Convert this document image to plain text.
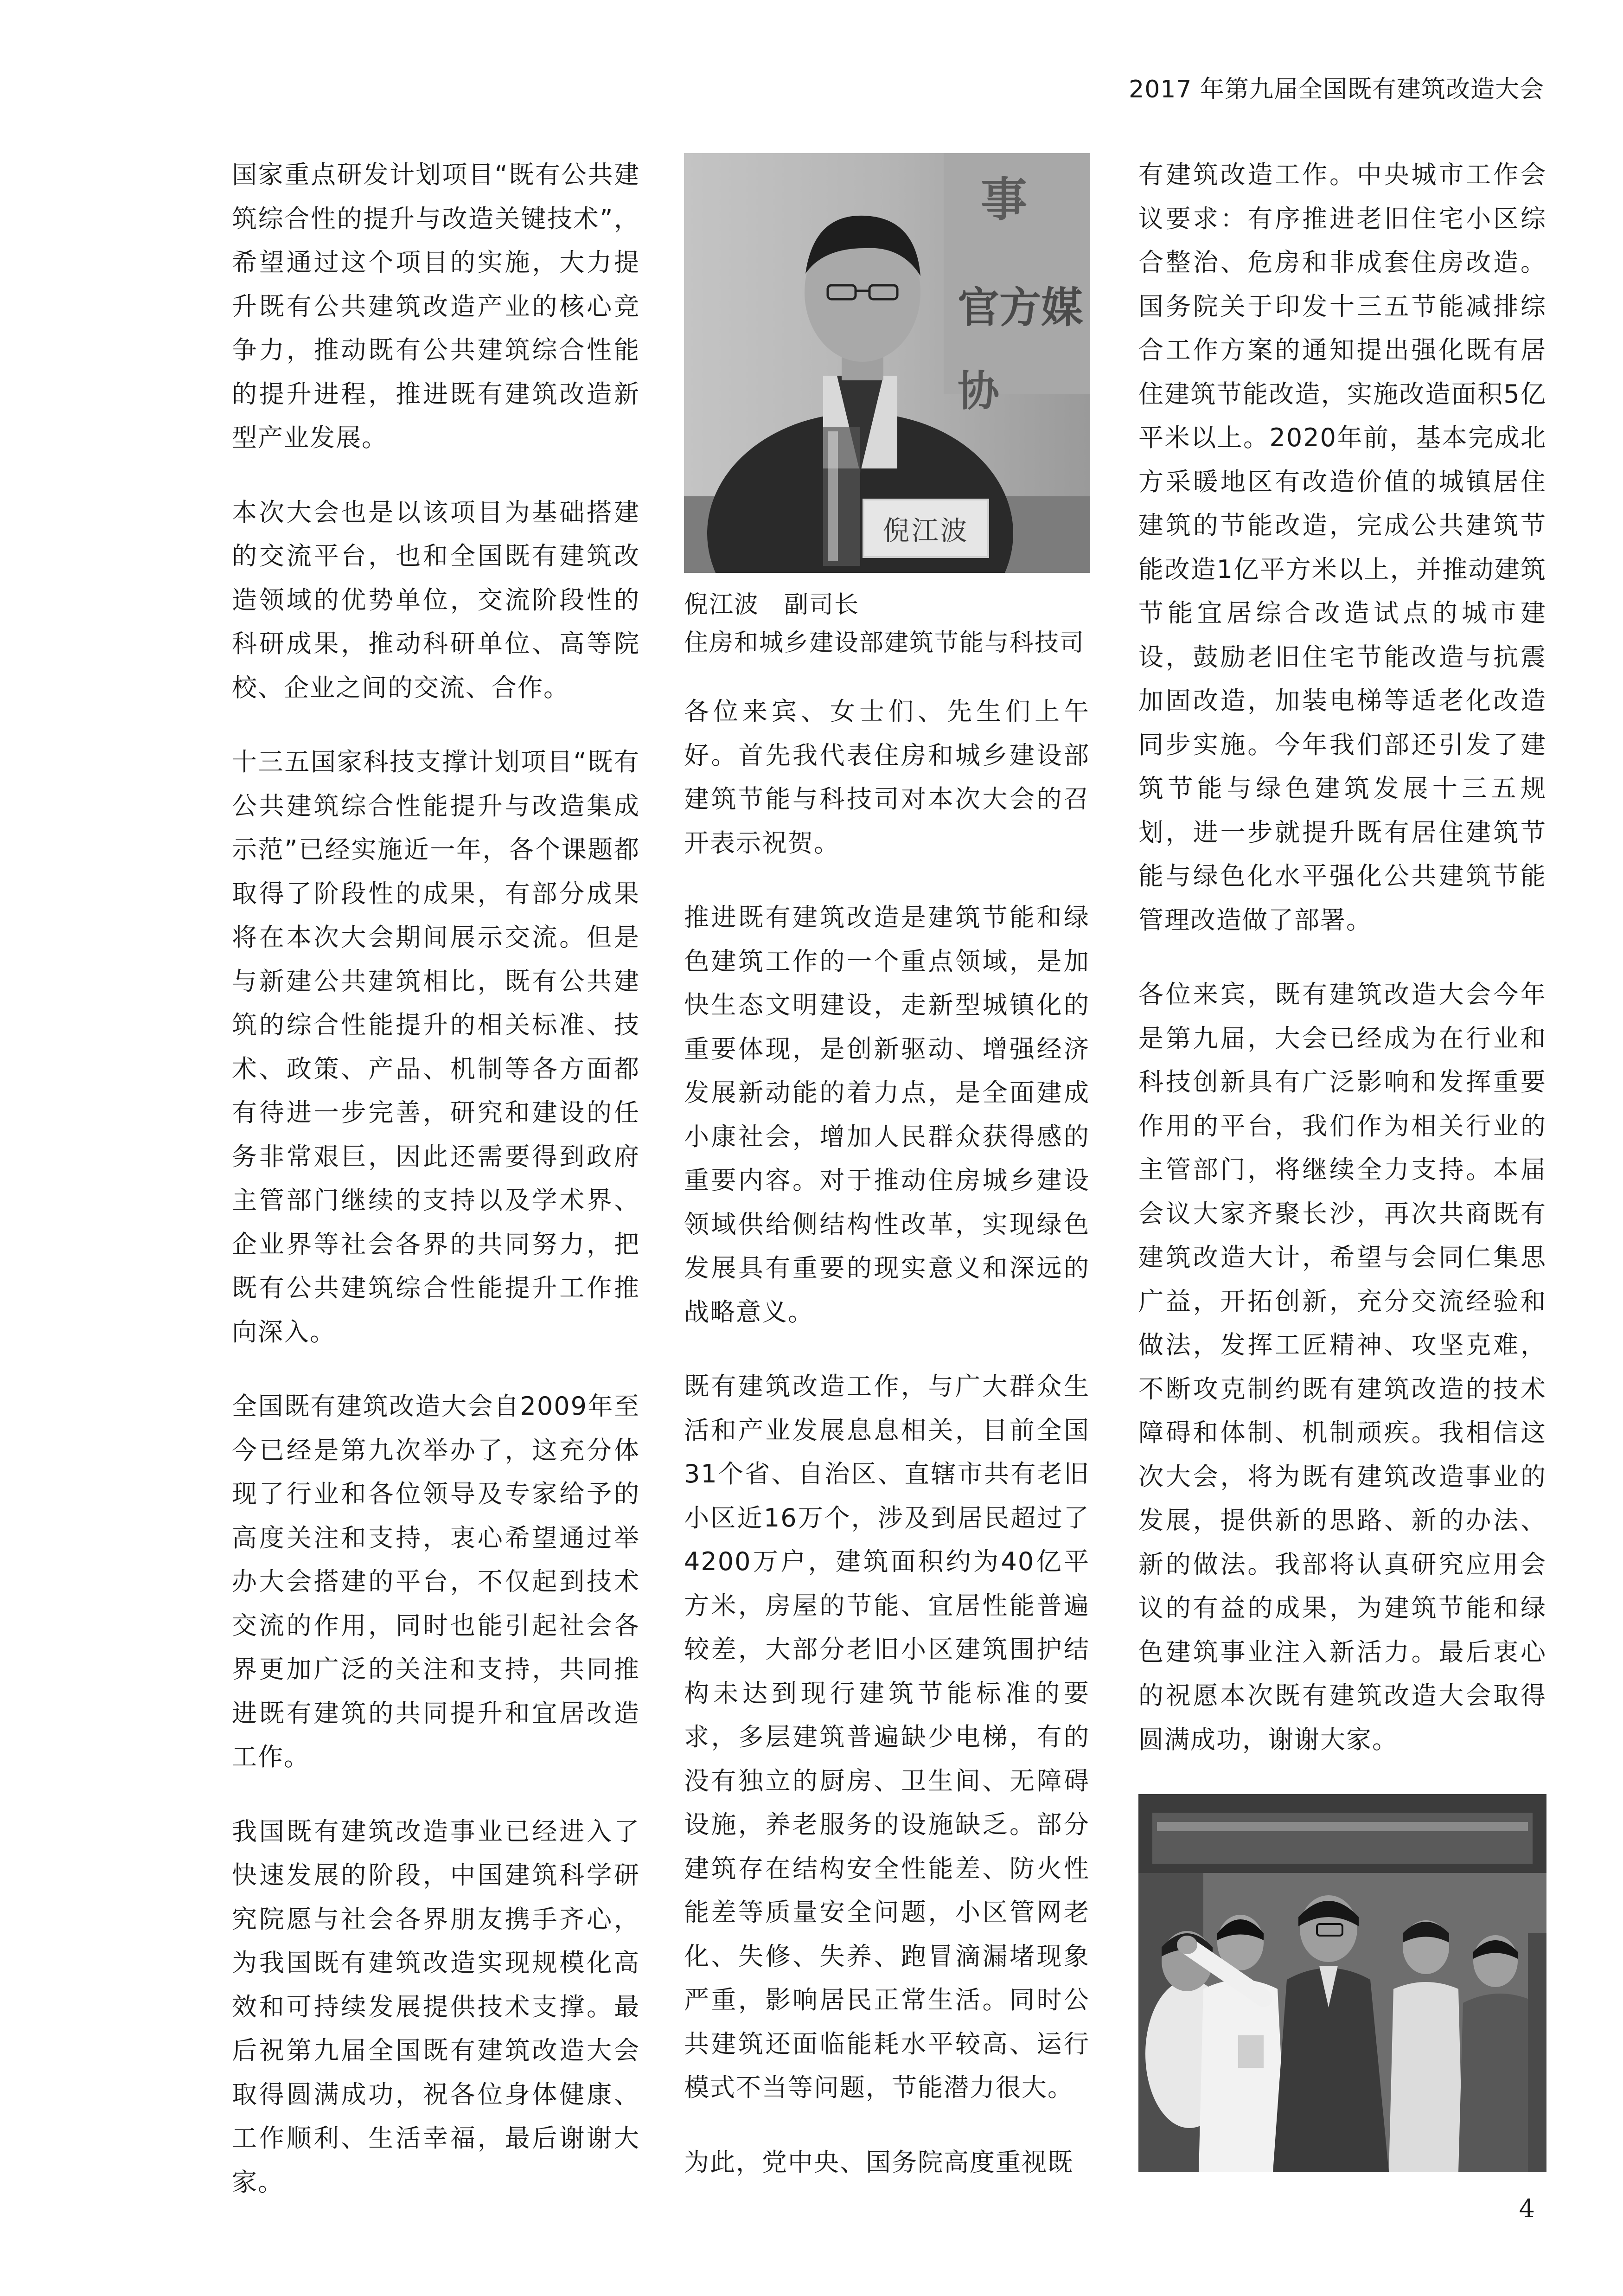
2017 年第九届全国既有建筑改造大会

国家重点研发计划项目“既有公共建筑综合性的提升与改造关键技术”，希望通过这个项目的实施，大力提升既有公共建筑改造产业的核心竞争力，推动既有公共建筑综合性能的提升进程，推进既有建筑改造新型产业发展。

本次大会也是以该项目为基础搭建的交流平台，也和全国既有建筑改造领域的优势单位，交流阶段性的科研成果，推动科研单位、高等院校、企业之间的交流、合作。

十三五国家科技支撑计划项目“既有公共建筑综合性能提升与改造集成示范”已经实施近一年，各个课题都取得了阶段性的成果，有部分成果将在本次大会期间展示交流。但是与新建公共建筑相比，既有公共建筑的综合性能提升的相关标准、技术、政策、产品、机制等各方面都有待进一步完善，研究和建设的任务非常艰巨，因此还需要得到政府主管部门继续的支持以及学术界、企业界等社会各界的共同努力，把既有公共建筑综合性能提升工作推向深入。

全国既有建筑改造大会自2009年至今已经是第九次举办了，这充分体现了行业和各位领导及专家给予的高度关注和支持，衷心希望通过举办大会搭建的平台，不仅起到技术交流的作用，同时也能引起社会各界更加广泛的关注和支持，共同推进既有建筑的共同提升和宜居改造工作。

我国既有建筑改造事业已经进入了快速发展的阶段，中国建筑科学研究院愿与社会各界朋友携手齐心，为我国既有建筑改造实现规模化高效和可持续发展提供技术支撑。最后祝第九届全国既有建筑改造大会取得圆满成功，祝各位身体健康、工作顺利、生活幸福，最后谢谢大家。

事
官方媒
协
倪江波
倪江波　副司长
住房和城乡建设部建筑节能与科技司

各位来宾、女士们、先生们上午好。首先我代表住房和城乡建设部建筑节能与科技司对本次大会的召开表示祝贺。

推进既有建筑改造是建筑节能和绿色建筑工作的一个重点领域，是加快生态文明建设，走新型城镇化的重要体现，是创新驱动、增强经济发展新动能的着力点，是全面建成小康社会，增加人民群众获得感的重要内容。对于推动住房城乡建设领域供给侧结构性改革，实现绿色发展具有重要的现实意义和深远的战略意义。

既有建筑改造工作，与广大群众生活和产业发展息息相关，目前全国31个省、自治区、直辖市共有老旧小区近16万个，涉及到居民超过了4200万户，建筑面积约为40亿平方米，房屋的节能、宜居性能普遍较差，大部分老旧小区建筑围护结构未达到现行建筑节能标准的要求，多层建筑普遍缺少电梯，有的没有独立的厨房、卫生间、无障碍设施，养老服务的设施缺乏。部分建筑存在结构安全性能差、防火性能差等质量安全问题，小区管网老化、失修、失养、跑冒滴漏堵现象严重，影响居民正常生活。同时公共建筑还面临能耗水平较高、运行模式不当等问题，节能潜力很大。

为此，党中央、国务院高度重视既

有建筑改造工作。中央城市工作会议要求：有序推进老旧住宅小区综合整治、危房和非成套住房改造。国务院关于印发十三五节能减排综合工作方案的通知提出强化既有居住建筑节能改造，实施改造面积5亿平米以上。2020年前，基本完成北方采暖地区有改造价值的城镇居住建筑的节能改造，完成公共建筑节能改造1亿平方米以上，并推动建筑节能宜居综合改造试点的城市建设，鼓励老旧住宅节能改造与抗震加固改造，加装电梯等适老化改造同步实施。今年我们部还引发了建筑节能与绿色建筑发展十三五规划，进一步就提升既有居住建筑节能与绿色化水平强化公共建筑节能管理改造做了部署。

各位来宾，既有建筑改造大会今年是第九届，大会已经成为在行业和科技创新具有广泛影响和发挥重要作用的平台，我们作为相关行业的主管部门，将继续全力支持。本届会议大家齐聚长沙，再次共商既有建筑改造大计，希望与会同仁集思广益，开拓创新，充分交流经验和做法，发挥工匠精神、攻坚克难，不断攻克制约既有建筑改造的技术障碍和体制、机制顽疾。我相信这次大会，将为既有建筑改造事业的发展，提供新的思路、新的办法、新的做法。我部将认真研究应用会议的有益的成果，为建筑节能和绿色建筑事业注入新活力。最后衷心的祝愿本次既有建筑改造大会取得圆满成功，谢谢大家。

4
